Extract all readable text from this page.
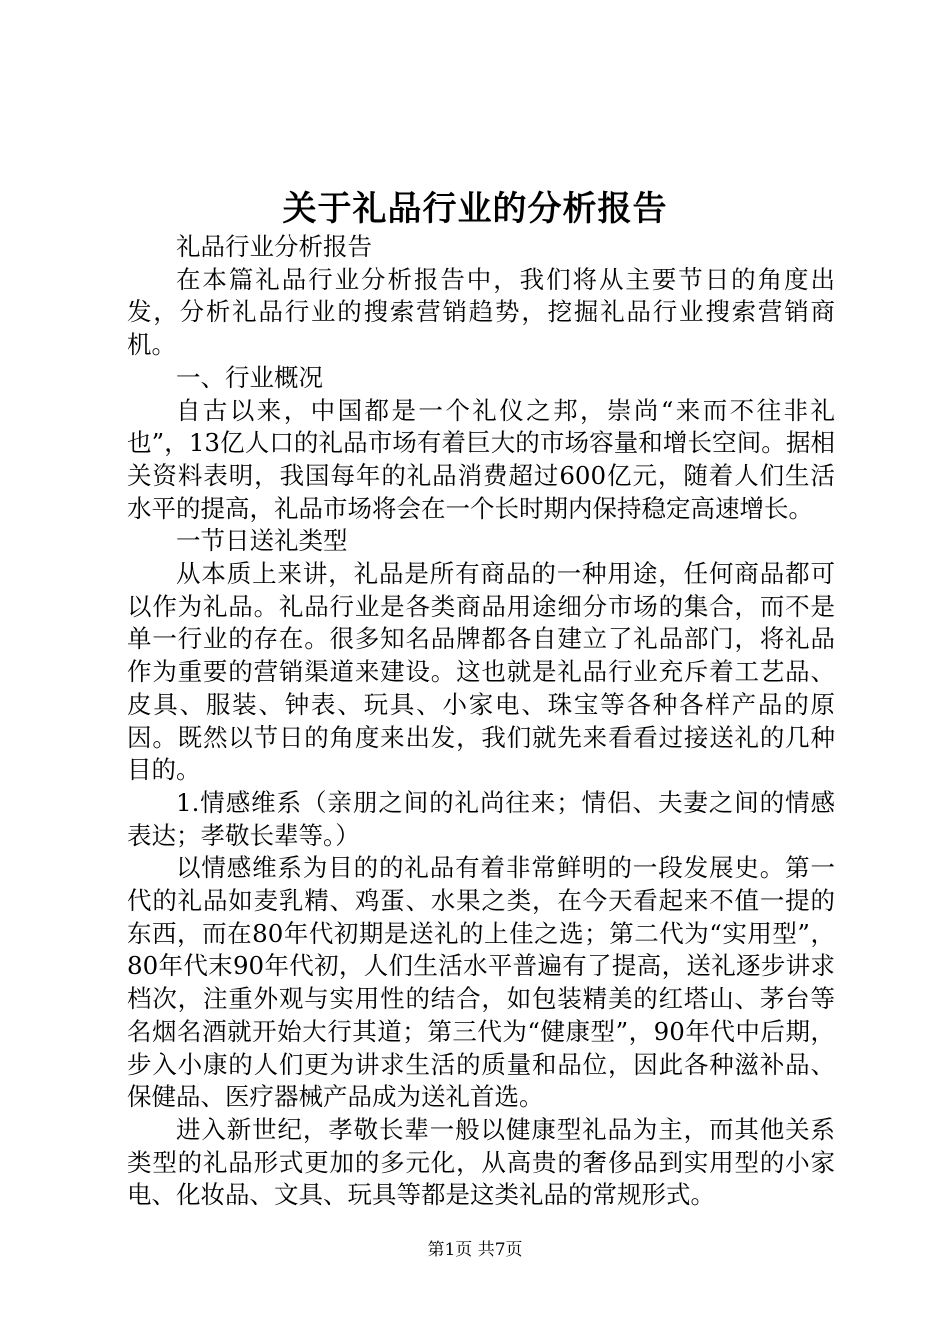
关于礼品行业的分析报告

礼品行业分析报告

在本篇礼品行业分析报告中，我们将从主要节日的角度出发，分析礼品行业的搜索营销趋势，挖掘礼品行业搜索营销商机。

一、行业概况

自古以来，中国都是一个礼仪之邦，崇尚“来而不往非礼也”，13亿人口的礼品市场有着巨大的市场容量和增长空间。据相关资料表明，我国每年的礼品消费超过600亿元，随着人们生活水平的提高，礼品市场将会在一个长时期内保持稳定高速增长。

一节日送礼类型

从本质上来讲，礼品是所有商品的一种用途，任何商品都可以作为礼品。礼品行业是各类商品用途细分市场的集合，而不是单一行业的存在。很多知名品牌都各自建立了礼品部门，将礼品作为重要的营销渠道来建设。这也就是礼品行业充斥着工艺品、皮具、服装、钟表、玩具、小家电、珠宝等各种各样产品的原因。既然以节日的角度来出发，我们就先来看看过接送礼的几种目的。

1.情感维系（亲朋之间的礼尚往来；情侣、夫妻之间的情感表达；孝敬长辈等。）

以情感维系为目的的礼品有着非常鲜明的一段发展史。第一代的礼品如麦乳精、鸡蛋、水果之类，在今天看起来不值一提的东西，而在80年代初期是送礼的上佳之选；第二代为“实用型”，80年代末90年代初，人们生活水平普遍有了提高，送礼逐步讲求档次，注重外观与实用性的结合，如包装精美的红塔山、茅台等名烟名酒就开始大行其道；第三代为“健康型”，90年代中后期，步入小康的人们更为讲求生活的质量和品位，因此各种滋补品、保健品、医疗器械产品成为送礼首选。

进入新世纪，孝敬长辈一般以健康型礼品为主，而其他关系类型的礼品形式更加的多元化，从高贵的奢侈品到实用型的小家电、化妆品、文具、玩具等都是这类礼品的常规形式。

第1页 共7页
